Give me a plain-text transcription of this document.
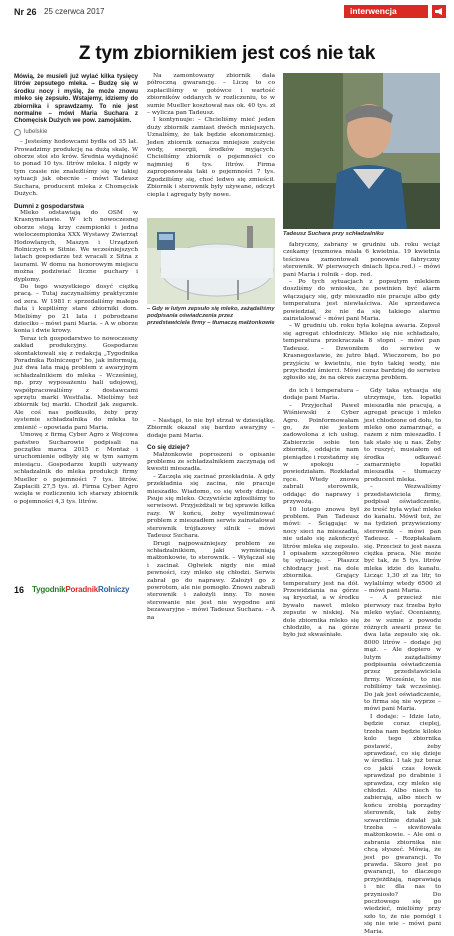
Nr 26 25 czerwca 2017	interwencja
Z tym zbiornikiem jest coś nie tak

Mówią, że musieli już wylać kilka tysięcy litrów zepsutego mleka. – Budzę się w środku nocy i myślę, że może znowu mleko się zepsuło. Wstajemy, idziemy do zbiornika i sprawdzamy. To nie jest normalne – mówi Maria Suchara z Chomęcisk Dużych we pow. zamojskim.

lubelskie

– Jesteśmy hodowcami bydła od 35 lat. Prowadzimy produkcję na dużą skalę. W oborze stoi sto krów. Średnia wydajność to ponad 10 tys. litrów mleka. I nigdy w tym czasie nie znaleźliśmy się w takiej sytuacji jak obecnie – mówi Tadeusz Suchara, producent mleka z Chomęcisk Dużych.

Dumni z gospodarstwa

Mleko odstawiają do OSM w Krasnymstawie. W ich nowoczesnej oborze stoją krzy czempionki i jedna wieloczempionka XXX Wystawy Zwierząt Hodowlanych, Maszyn i Urządzeń Rolniczych w Sitnie. We wcześniejszych latach gospodarze też wracali z Sitna z laurami. W domu na honorowym miejscu można podziwiać liczne puchary i dyplomy.

Do tego wszystkiego dosyć ciężką pracą. – Tutaj zaczynaliśmy praktycznie od zera. W 1981 r. sprzedaliśmy małego fiata i kupiliśmy stare zbiorniki dom. Mieliśmy po 21 lata i pobrodzane dzieciko – mówi pani Maria. – A w oborze konia i dwie krowy.

Teraz ich gospodarstwo to nowoczesny zakład produkcyjny. Gospodarze skontaktowali się z redakcją „Tygodnika Poradnika Rolniczego" bo, jak informują, już dwa lata mają problem z awaryjnym schładzalnikiem do mleka – Wcześniej, np. przy wyposażeniu hali udojowej, współpracowaliśmy z dostawcami sprzętu marki Westfalia. Mieliśmy też zbiornik tej marki. Chodził jak zegarek. Ale coś nas podkusiło, żeby przy systemie schładzalnika do mleka to zmienić – opowiada pani Maria.

Umowę z firmą Cyber Agro z Wojcowa państwo Sucharowie podpisali na początku marca 2015 r. Montaż i uruchomienie odbyły się w tym samym miesiącu. Gospodarze kupili używany schładzalnik do mleka produkcji firmy Mueller o pojemności 7 tys. litrów. Zapłacili 27,5 tys. zł. Firma Cyber Agro wzięła w rozliczeniu ich starszy zbiornik o pojemności 4,3 tys. litrów.

Na zamontowany zbiornik dała półroczną gwarancję. – Liczę to co zapłaciliśmy w gotówce i wartość zbiorników oddanych w rozliczeniu, to w sumie Mueller kosztował nas ok. 40 tys. zł – wylicza pan Tadeusz.

I kontynuuje: – Chcieliśmy mieć jeden duży zbiornik zamiast dwóch mniejszych. Uznaliśmy, że tak będzie ekonomiczniej. Jeden zbiornik oznacza mniejsze zużycie wody, energii, środków myjących. Chcieliśmy zbiornik o pojemności co najmniej 6 tys. litrów. Firma zaproponowała taki o pojemności 7 tys. Zgodziliśmy się, choć ledwo się zmieścił. Zbiornik i sterownik były używane, odczyt cieplа i agregaty były nowe.

– Gdy w lutym zepsuło się mleko, zażądaliśmy podpisania oświadczenia przez przedstawiciela firmy – tłumaczą małżonkowie

– Nastąpi, to nie był strzał w dziesiątkę. Zbiornik okazał się bardzo awaryjny – dodaje pani Maria.

Co się dzieje?

Małżonkowie poproszeni o opisanie problemu ze schładzalnikiem zaczynają od kwestii mieszadła.

– Zaczęła się zacinać przekładnia. A gdy przekładnia się zacina, nie pracuje mieszadło. Wiadomo, co się wtedy dzieje. Psuje się mleko. Oczywiście zgłosiliśmy to serwisowi. Przyjeżdżali w tej sprawie kilka razy. W końcu, żeby wyeliminować problem z mieszadłem serwis zainstalował sterownik trójfazowy silnik – mówi Tadeusz Suchara.

Drugi najpoważniejszy problem ze schładzalnikiem, jaki wymieniają małżonkowie, to sterownik. – Wyłączał się i zacinał. Oglwiek nigdy nie miał pewności, czy mleko się chłodzi. Serwis zabrał go do naprawy. Założył go z powrotem, ale nie pomogło. Znowu zabrali sterownik i założyli inny. To nowe sterowanie nie jest nie wygodne ani bezawaryjne – mówi Tadeusz Suchara. – A na

Tadeusz Suchara przy schładzalniku

fabryczny, zabrany w grudniu ub. roku wciąż czekamy (rozmowa miała 6 kwietnia. 19 kwietnia teściowa zamontowali ponownie fabryczny sterownik. W pierwszych dniach lipca.red.) – mówi pani Maria i rolnik – dop. red.

– Po tych sytuacjach z popsutym mlekiem doszliśmy do wniosku, że powinien być alarm włączający się, gdy mieszadło nie pracuje albo gdy temperatura jest niewłaściwa. Ale sprzedawca powiedział, że nie da się takiego alarmu zainstalować – mówi pani Maria.

– W grudniu ub. roku była kolejna awaria. Zepsuł się agregat chłodniczy. Mleko się nie schładzało, temperatura przekraczała 8 stopni – mówi pan Tadeusz. – Dzwoniłem do serwisu w Krasnegostawie, że jutro błąd. Wieczorem, bo po przyjściu w kwietniu, nie było takiej wody, nie przychodzi śmierci. Mówi coraz bardziej do serwisu zgłosiło się, że na okres zaczyna problem.

do ich i temperatura – dodaje pani Maria.

– Przyjechał Paweł Wiśniewski z Cyber Agro. Poinformowałam go, że nie jestem zadowolona z ich usług. Zabierzcie sobie ten zbiornik, oddajcie nam pieniądze i rozstańmy się w spokoju – powiedziałam. Rozkładał ręce. Wtedy znowu zabrali sterownik, oddając do naprawy i przywożą.

10 lutego znowu był problem. Pan Tadeusz mówi: – Ściągając w nocy sieci na mieszadła, nie udało się zakończyć litrów mleka się zepsuło. I opisałem szczegółowo tę sytuację. – Płaszcz chłodzący jest na dole zbiornika. Grający temperatury jest na dół. Przewidziania na górze są kryształ, a w środku bywało nawet mleko zepsute w niskiej. Na dole zbiornika mleko się chłodziło, a na górze było już skwaśniałe.

Gdy taka sytuacja się utrzymuje, tzn. łopatki mieszadła nie pracują, a agregat pracuje i mleko jest chłodzone od dołu, to mleko ono zamarznąć, a razem z nim mieszadło. I tak stało się u nas. Żeby to ruszyć, musiałem od środka odkawać zamarznięte łopatki mieszadła – tłumaczy producent mleka.

– Wezwaliśmy przedstawiciela firmy, podpisał oświadczenie, że treść była wylać mleko do kanału. Mówił też, że na tydzień przywieziony sterownik – mówi pan Tadeusz. – Rozpłakałam się. Przecież to jest nasza ciężka praca. Nie może być tak, że 5 tys. litrów mleka idzie do kanału. Licząc 1,30 zł za litr, to wylaliśmy wtedy 6500 zł – mówi pani Maria.

– A przecież nie pierwszy raz trzeba było mleko wylać. Ocenianny, że w sumie z powodu różnych awarii przez te dwa lata zepsuło się ok. 8000 litrów – dodaje jej mąż. – Ale dopiero w lutym zażądaliśmy podpisania oświadczenia przez przedstawiciela firmy. Wcześnie, to nie robiliśmy tak wcześniej. Do jak jest oświadczenie, to firma się nie wyprze – mówi pani Maria.

I dodaje: – Idzie lato, będzie coraz cieplej, trzeba nam będzie kiloko kolo tego zbiornika postawić, żeby sprawdzać, co się dzieje w środku. I tak już teraz co jakiś czas łowek sprawdzał po drabinie i sprawdza, czy mleko się chłodzi. Albo niech to zabierają, albo niech w końcu zrobią porządny sterownik, tak żeby szwarcilmie działał jak trzeba – skwitowała małżonkowie. – Ale oni o zabrania zbiornika nie chcą słyszeć. Mówią, że jest po gwarancji. To prawda. Skoro jest po gwarancji, to dlaczego przyjeżdżają, naprawiają i nic dla nas to przyniosło? Do pocztowego się go wiedzieć, mieliśmy przy szło to, że nie pomógł i się nie wie – mówi pani Maria.

16 TygodnikPoradnikRolniczy
